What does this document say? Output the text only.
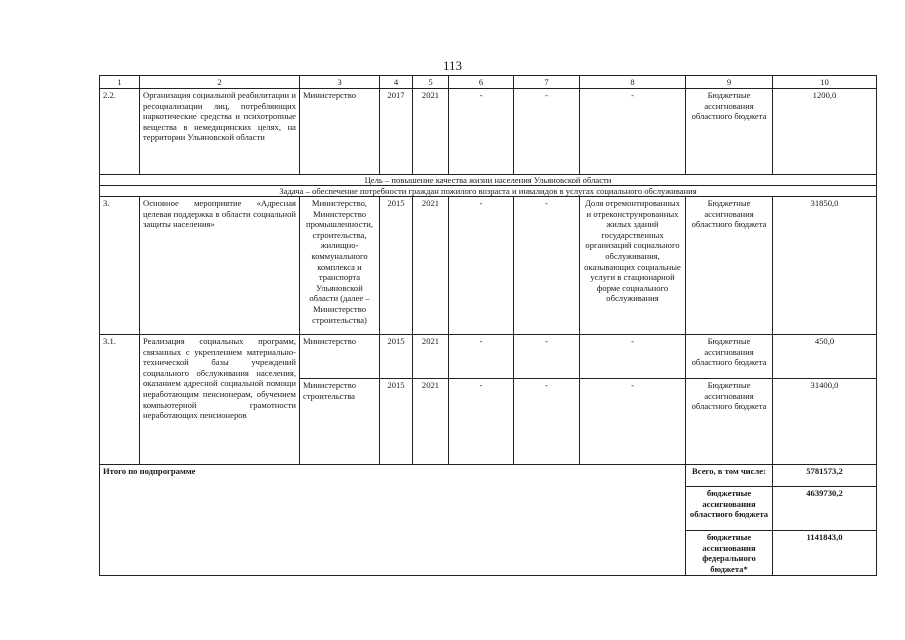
113
1	2	3	4	5	6	7	8	9	10
2.2.	Организация социальной реабилитации и ресоциализации лиц, потребляющих наркотические средства и психотропные вещества в немедицинских целях, на территории Ульяновской области	Министерство	2017	2021	-	-	-	Бюджетные ассигнования областного бюджета	1200,0
Цель – повышение качества жизни населения Ульяновской области									
Задача – обеспечение потребности граждан пожилого возраста и инвалидов в услугах социального обслуживания									
3.	Основное мероприятие «Адресная целевая поддержка в области социальной защиты населения»	Министерство, Министерство промышленности, строительства, жилищно-коммунального комплекса и транспорта Ульяновской области (далее – Министерство строительства)	2015	2021	-	-	Доля отремонтированных и отреконструированных жилых зданий государственных организаций социального обслуживания, оказывающих социальные услуги в стационарной форме социального обслуживания	Бюджетные ассигнования областного бюджета	31850,0
3.1.	Реализация социальных программ, связанных с укреплением материально-технической базы учреждений социального обслуживания населения, оказанием адресной социальной помощи неработающим пенсионерам, обучением компьютерной грамотности неработающих пенсионеров	Министерство	2015	2021	-	-	-	Бюджетные ассигнования областного бюджета	450,0
		Министерство строительства	2015	2021	-	-	-	Бюджетные ассигнования областного бюджета	31400,0
Итого по подпрограмме								Всего, в том числе:	5781573,2
								бюджетные ассигнования областного бюджета	4639730,2
								бюджетные ассигнования федерального бюджета*	1141843,0
